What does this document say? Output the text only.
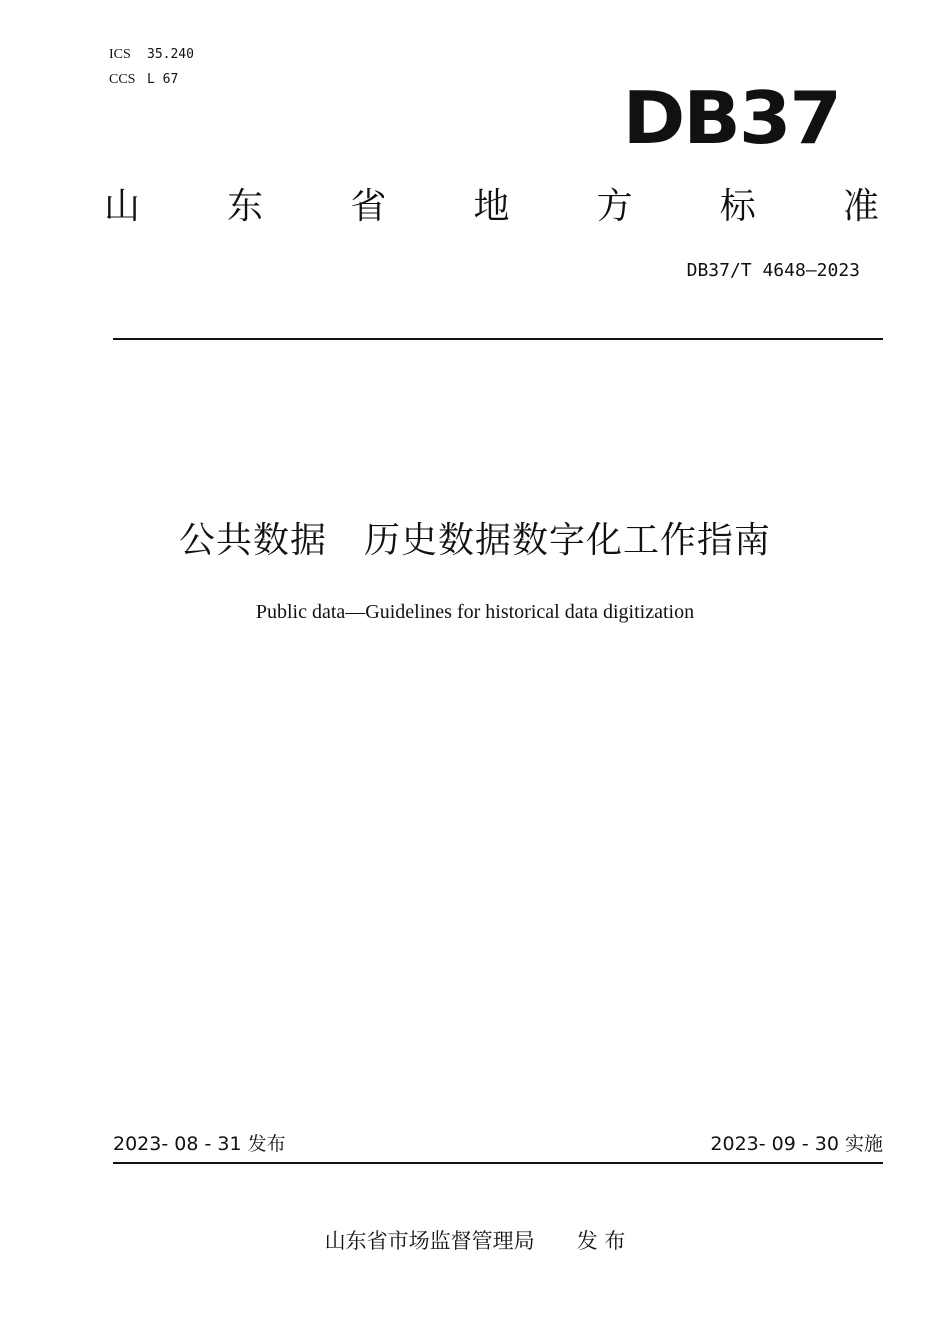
ICS 35.240
CCS L 67	DB37
山 东 省 地 方 标 准
DB37/T 4648—2023
公共数据　历史数据数字化工作指南
Public data—Guidelines for historical data digitization
2023- 08 - 31 发布	2023- 09 - 30 实施
山东省市场监督管理局　　发 布
